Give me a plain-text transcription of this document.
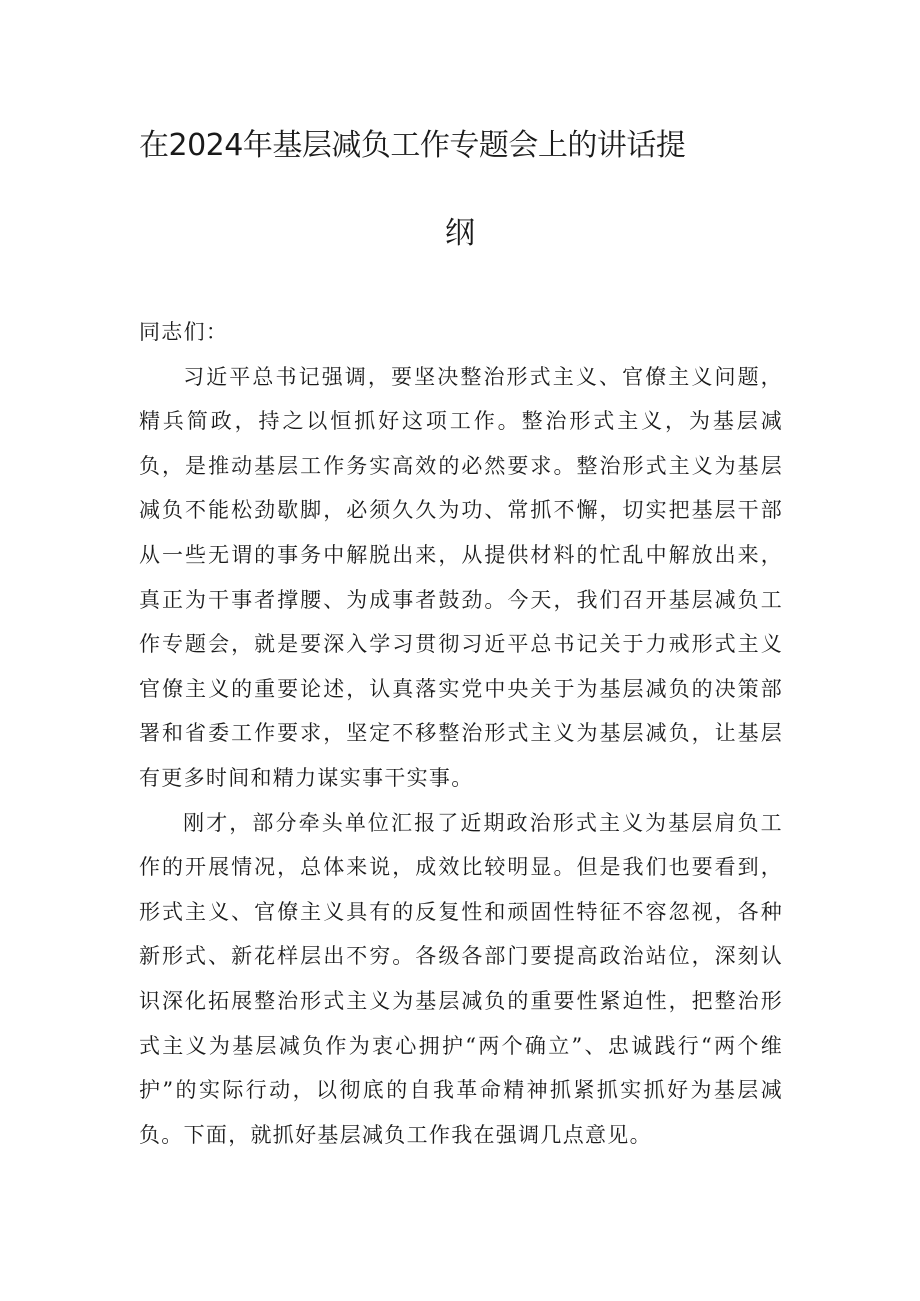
在2024年基层减负工作专题会上的讲话提
纲

同志们：

习近平总书记强调，要坚决整治形式主义、官僚主义问题，精兵简政，持之以恒抓好这项工作。整治形式主义，为基层减负，是推动基层工作务实高效的必然要求。整治形式主义为基层减负不能松劲歇脚，必须久久为功、常抓不懈，切实把基层干部从一些无谓的事务中解脱出来，从提供材料的忙乱中解放出来，真正为干事者撑腰、为成事者鼓劲。今天，我们召开基层减负工作专题会，就是要深入学习贯彻习近平总书记关于力戒形式主义官僚主义的重要论述，认真落实党中央关于为基层减负的决策部署和省委工作要求，坚定不移整治形式主义为基层减负，让基层有更多时间和精力谋实事干实事。

刚才，部分牵头单位汇报了近期政治形式主义为基层肩负工作的开展情况，总体来说，成效比较明显。但是我们也要看到，形式主义、官僚主义具有的反复性和顽固性特征不容忽视，各种新形式、新花样层出不穷。各级各部门要提高政治站位，深刻认识深化拓展整治形式主义为基层减负的重要性紧迫性，把整治形式主义为基层减负作为衷心拥护“两个确立”、忠诚践行“两个维护”的实际行动，以彻底的自我革命精神抓紧抓实抓好为基层减负。下面，就抓好基层减负工作我在强调几点意见。
